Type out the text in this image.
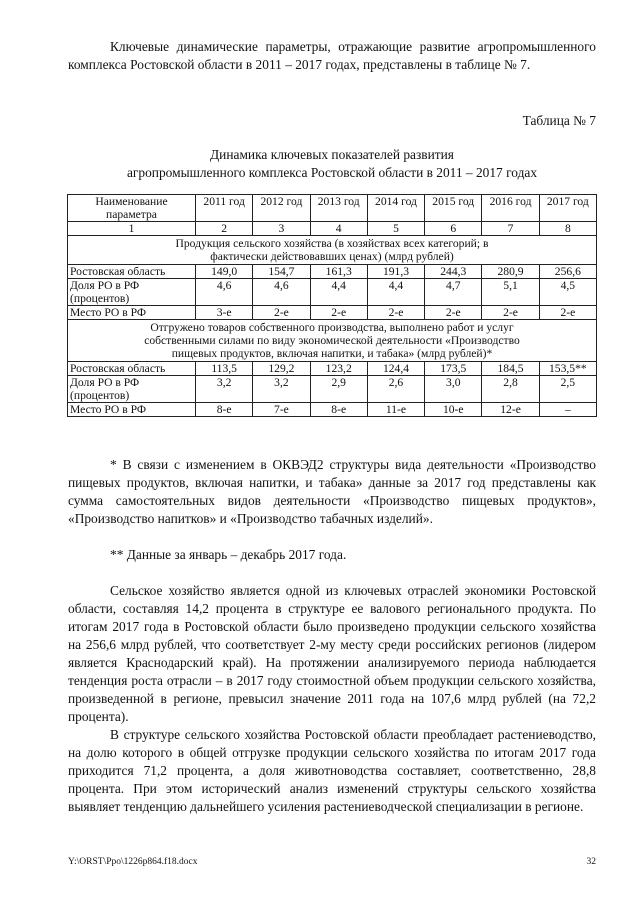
Ключевые динамические параметры, отражающие развитие агропромышленного комплекса Ростовской области в 2011 – 2017 годах, представлены в таблице № 7.
Таблица № 7
Динамика ключевых показателей развития
агропромышленного комплекса Ростовской области в 2011 – 2017 годах
Наименование параметра	2011 год	2012 год	2013 год	2014 год	2015 год	2016 год	2017 год
1	2	3	4	5	6	7	8
Продукция сельского хозяйства (в хозяйствах всех категорий; в фактически действовавших ценах) (млрд рублей)							
Ростовская область	149,0	154,7	161,3	191,3	244,3	280,9	256,6
Доля РО в РФ (процентов)	4,6	4,6	4,4	4,4	4,7	5,1	4,5
Место РО в РФ	3-е	2-е	2-е	2-е	2-е	2-е	2-е
Отгружено товаров собственного производства, выполнено работ и услуг собственными силами по виду экономической деятельности «Производство пищевых продуктов, включая напитки, и табака» (млрд рублей)*							
Ростовская область	113,5	129,2	123,2	124,4	173,5	184,5	153,5**
Доля РО в РФ (процентов)	3,2	3,2	2,9	2,6	3,0	2,8	2,5
Место РО в РФ	8-е	7-е	8-е	11-е	10-е	12-е	–
* В связи с изменением в ОКВЭД2 структуры вида деятельности «Производство пищевых продуктов, включая напитки, и табака» данные за 2017 год представлены как сумма самостоятельных видов деятельности «Производство пищевых продуктов», «Производство напитков» и «Производство табачных изделий».
** Данные за январь – декабрь 2017 года.
Сельское хозяйство является одной из ключевых отраслей экономики Ростовской области, составляя 14,2 процента в структуре ее валового регионального продукта. По итогам 2017 года в Ростовской области было произведено продукции сельского хозяйства на 256,6 млрд рублей, что соответствует 2-му месту среди российских регионов (лидером является Краснодарский край). На протяжении анализируемого периода наблюдается тенденция роста отрасли – в 2017 году стоимостной объем продукции сельского хозяйства, произведенной в регионе, превысил значение 2011 года на 107,6 млрд рублей (на 72,2 процента).
В структуре сельского хозяйства Ростовской области преобладает растениеводство, на долю которого в общей отгрузке продукции сельского хозяйства по итогам 2017 года приходится 71,2 процента, а доля животноводства составляет, соответственно, 28,8 процента. При этом исторический анализ изменений структуры сельского хозяйства выявляет тенденцию дальнейшего усиления растениеводческой специализации в регионе.
Y:\ORST\Ppo\1226p864.f18.docx	32
